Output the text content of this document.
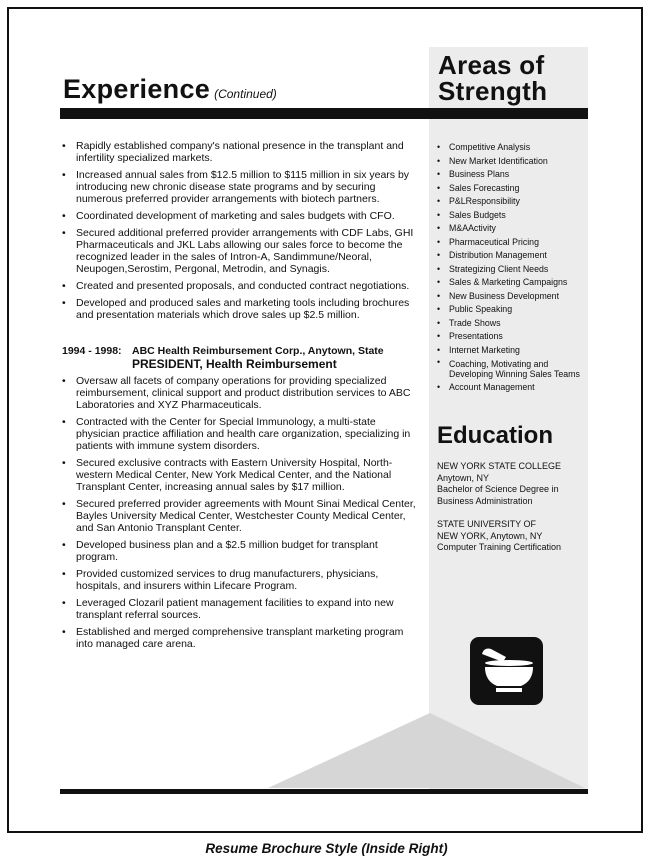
Experience (Continued)
Areas of
Strength
• Rapidly established company's national presence in the transplant and infertility specialized markets.
• Increased annual sales from $12.5 million to $115 million in six years by introducing new chronic disease state programs and by securing numerous preferred provider arrangements with biotech partners.
• Coordinated development of marketing and sales budgets with CFO.
• Secured additional preferred provider arrangements with CDF Labs, GHI Pharmaceuticals and JKL Labs allowing our sales force to become the recognized leader in the sales of Intron-A, Sandimmune/Neoral, Neupogen,Serostim, Pergonal, Metrodin, and Synagis.
• Created and presented proposals, and conducted contract negotiations.
• Developed and produced sales and marketing tools including brochures and presentation materials which drove sales up $2.5 million.
1994 - 1998: ABC Health Reimbursement Corp., Anytown, State
PRESIDENT, Health Reimbursement
• Oversaw all facets of company operations for providing specialized reimbursement, clinical support and product distribution services to ABC Laboratories and XYZ Pharmaceuticals.
• Contracted with the Center for Special Immunology, a multi-state physician practice affiliation and health care organization, specializing in patients with immune system disorders.
• Secured exclusive contracts with Eastern University Hospital, North-western Medical Center, New York Medical Center, and the National Transplant Center, increasing annual sales by $17 million.
• Secured preferred provider agreements with Mount Sinai Medical Center, Bayles University Medical Center, Westchester County Medical Center, and San Antonio Transplant Center.
• Developed business plan and a $2.5 million budget for transplant program.
• Provided customized services to drug manufacturers, physicians, hospitals, and insurers within Lifecare Program.
• Leveraged Clozaril patient management facilities to expand into new transplant referral sources.
• Established and merged comprehensive transplant marketing program into managed care arena.
• Competitive Analysis
• New Market Identification
• Business Plans
• Sales Forecasting
• P&LResponsibility
• Sales Budgets
• M&AActivity
• Pharmaceutical Pricing
• Distribution Management
• Strategizing Client Needs
• Sales & Marketing Campaigns
• New Business Development
• Public Speaking
• Trade Shows
• Presentations
• Internet Marketing
• Coaching, Motivating and Developing Winning Sales Teams
• Account Management
Education

NEW YORK STATE COLLEGE
Anytown, NY
Bachelor of Science Degree in
Business Administration

STATE UNIVERSITY OF
NEW YORK, Anytown, NY
Computer Training Certification

Resume Brochure Style (Inside Right)
